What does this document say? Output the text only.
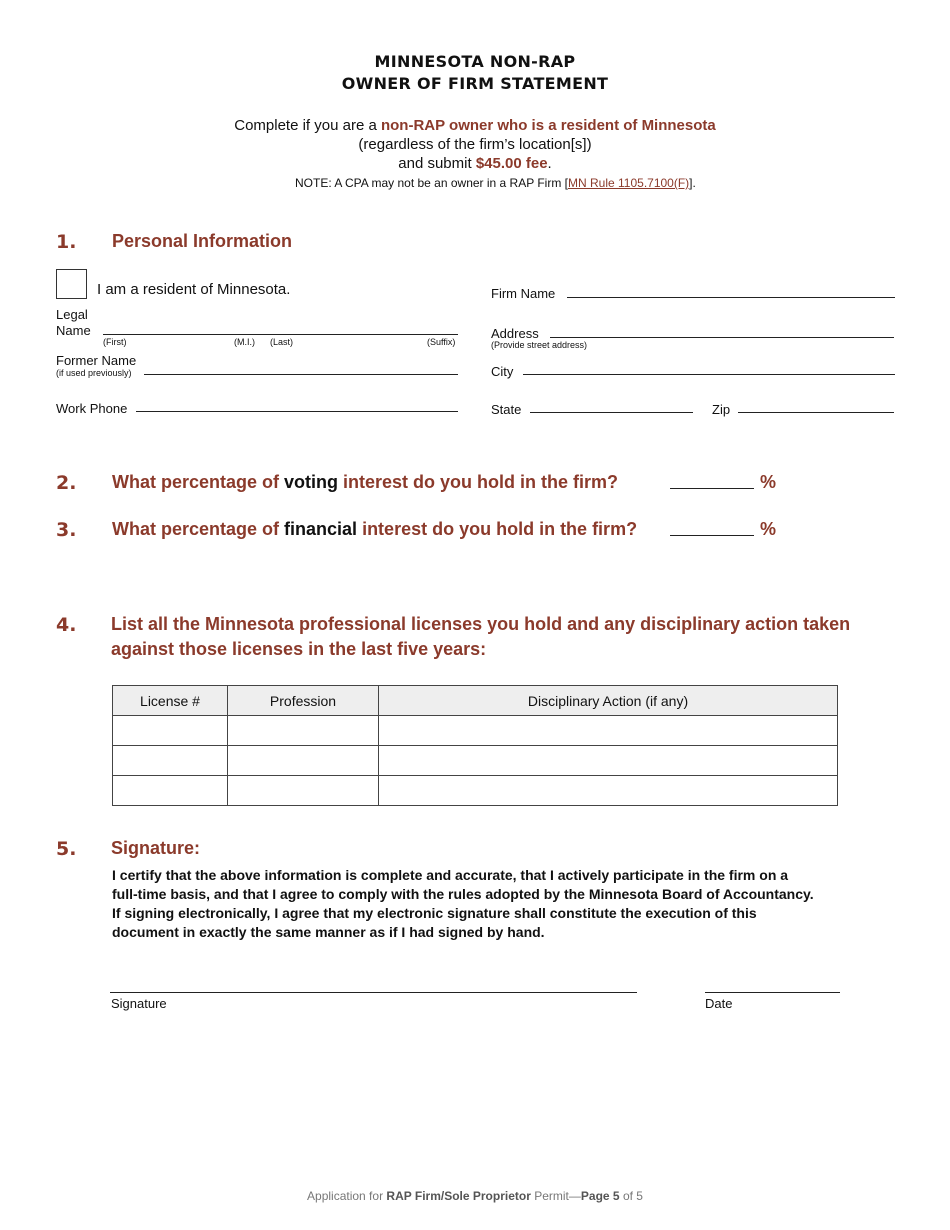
MINNESOTA NON-RAP
OWNER OF FIRM STATEMENT
Complete if you are a non-RAP owner who is a resident of Minnesota
(regardless of the firm’s location[s])
and submit $45.00 fee.
NOTE: A CPA may not be an owner in a RAP Firm [MN Rule 1105.7100(F)].
1. Personal Information
I am a resident of Minnesota.
Legal
Name
(First)	(M.I.) (Last)	(Suffix)
Former Name
(if used previously)
Work Phone
Firm Name
Address
(Provide street address)
City
State	Zip
2. What percentage of voting interest do you hold in the firm?	%
3. What percentage of financial interest do you hold in the firm?	%
4. List all the Minnesota professional licenses you hold and any disciplinary action taken
against those licenses in the last five years:
License #	Profession	Disciplinary Action (if any)

5. Signature:
I certify that the above information is complete and accurate, that I actively participate in the firm on a
full-time basis, and that I agree to comply with the rules adopted by the Minnesota Board of Accountancy.
If signing electronically, I agree that my electronic signature shall constitute the execution of this
document in exactly the same manner as if I had signed by hand.
Signature	Date
Application for RAP Firm/Sole Proprietor Permit—Page 5 of 5
